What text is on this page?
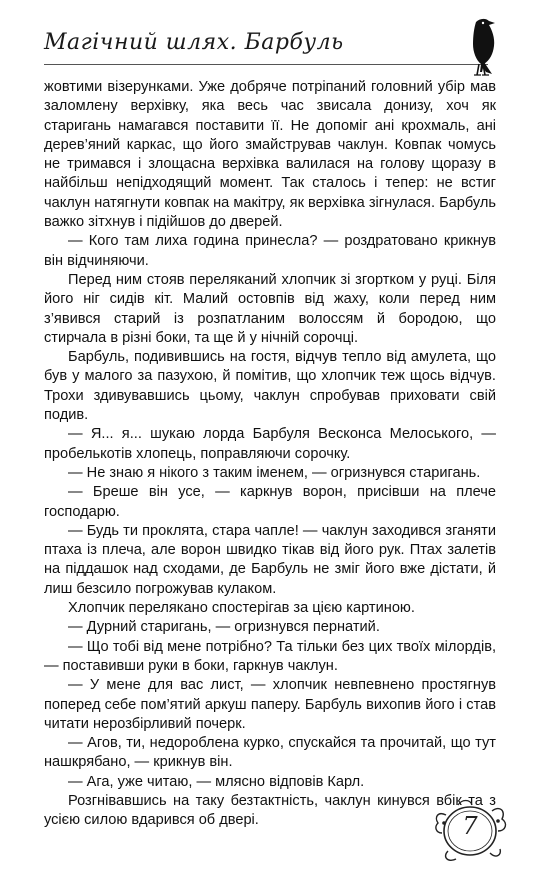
Магічний шлях. Барбуль

жовтими візерунками. Уже добряче потріпаний головний убір мав заломлену верхівку, яка весь час звисала донизу, хоч як старигань намагався поставити її. Не допоміг ані крохмаль, ані дерев’яний каркас, що його змайстрував чаклун. Ковпак чомусь не тримався і злощасна верхівка валилася на голову щоразу в найбільш непідходящий момент. Так сталось і тепер: не встиг чаклун натягнути ковпак на макітру, як верхівка зігнулася. Барбуль важко зітхнув і підійшов до дверей.

— Кого там лиха година принесла? — роздратовано крикнув він відчиняючи.

Перед ним стояв переляканий хлопчик зі згортком у руці. Біля його ніг сидів кіт. Малий остовпів від жаху, коли перед ним з’явився старий із розпатланим волоссям й бородою, що стирчала в різні боки, та ще й у нічній сорочці.

Барбуль, подивившись на гостя, відчув тепло від амулета, що був у малого за пазухою, й помітив, що хлопчик теж щось відчув. Трохи здивувавшись цьому, чаклун спробував приховати свій подив.

— Я... я... шукаю лорда Барбуля Весконса Мелоського, — пробелькотів хлопець, поправляючи сорочку.

— Не знаю я нікого з таким іменем, — огризнувся старигань.

— Бреше він усе, — каркнув ворон, присівши на плече господарю.

— Будь ти проклята, стара чапле! — чаклун заходився зганяти птаха із плеча, але ворон швидко тікав від його рук. Птах залетів на піддашок над сходами, де Барбуль не зміг його вже дістати, й лиш безсило погрожував кулаком.

Хлопчик перелякано спостерігав за цією картиною.

— Дурний старигань, — огризнувся пернатий.

— Що тобі від мене потрібно? Та тільки без цих твоїх мілордів, — поставивши руки в боки, гаркнув чаклун.

— У мене для вас лист, — хлопчик невпевнено простягнув поперед себе пом’ятий аркуш паперу. Барбуль вихопив його і став читати нерозбірливий почерк.

— Агов, ти, недороблена курко, спускайся та прочитай, що тут нашкрябано, — крикнув він.

— Ага, уже читаю, — млясно відповів Карл.

Розгнівавшись на таку безтактність, чаклун кинувся вбік та з усією силою вдарився об двері.	7
